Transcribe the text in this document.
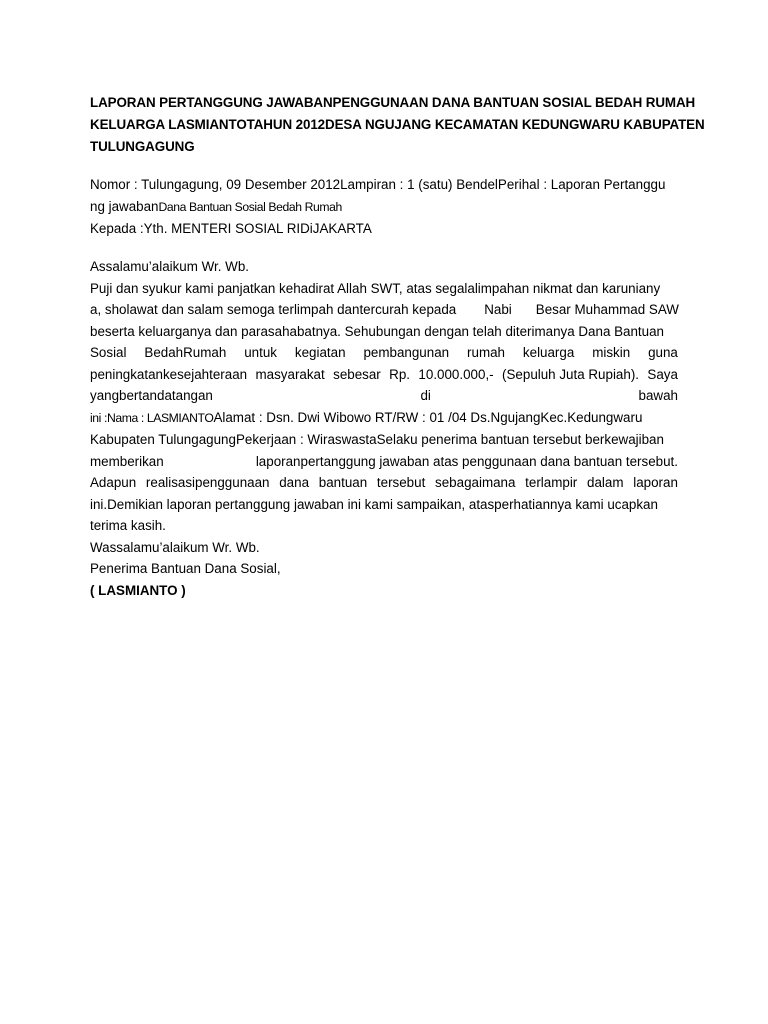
LAPORAN PERTANGGUNG JAWABANPENGGUNAAN DANA BANTUAN SOSIAL BEDAH RUMAH
KELUARGA LASMIANTOTAHUN 2012DESA NGUJANG KECAMATAN KEDUNGWARU KABUPATEN
TULUNGAGUNG
Nomor : Tulungagung, 09 Desember 2012Lampiran : 1 (satu) BendelPerihal : Laporan Pertanggu
ng jawabanDana Bantuan Sosial Bedah Rumah
Kepada :Yth. MENTERI SOSIAL RIDiJAKARTA
Assalamu’alaikum Wr. Wb.
Puji dan syukur kami panjatkan kehadirat Allah SWT, atas segalalimpahan nikmat dan karuniany
a, sholawat dan salam semoga terlimpah dantercurah kepada Nabi Besar Muhammad SAW
beserta keluarganya dan parasahabatnya. Sehubungan dengan telah diterimanya Dana Bantuan
Sosial BedahRumah untuk kegiatan pembangunan rumah keluarga miskin guna
peningkatankesejahteraan masyarakat sebesar Rp. 10.000.000,- (Sepuluh Juta Rupiah). Saya
yangbertandatangan	di	bawah
ini :Nama : LASMIANTOAlamat : Dsn. Dwi Wibowo RT/RW : 01 /04 Ds.NgujangKec.Kedungwaru
Kabupaten TulungagungPekerjaan : WiraswastaSelaku penerima bantuan tersebut berkewajiban
memberikan	laporanpertanggung jawaban atas penggunaan dana bantuan tersebut.
Adapun realisasipenggunaan dana bantuan tersebut sebagaimana terlampir dalam laporan
ini.Demikian laporan pertanggung jawaban ini kami sampaikan, atasperhatiannya kami ucapkan
terima kasih.
Wassalamu’alaikum Wr. Wb.
Penerima Bantuan Dana Sosial,
( LASMIANTO )
